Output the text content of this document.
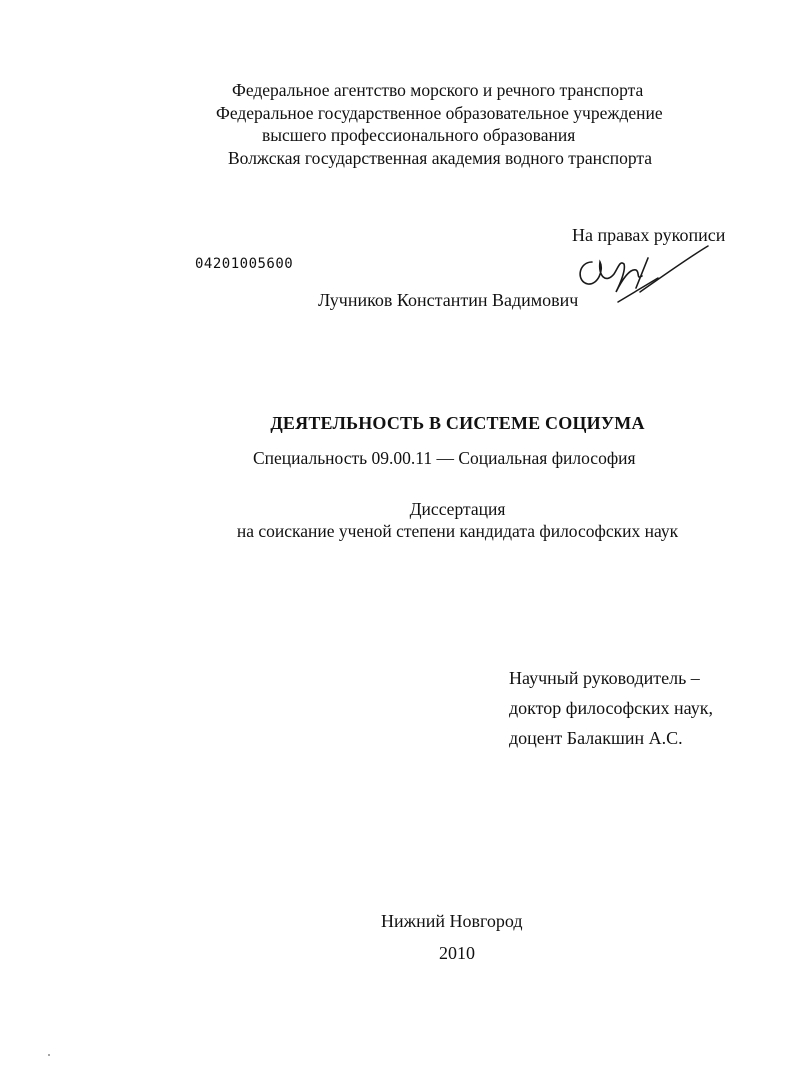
Федеральное агентство морского и речного транспорта
Федеральное государственное образовательное учреждение
высшего профессионального образования
Волжская государственная академия водного транспорта
На правах рукописи
04201005600
Лучников Константин Вадимович
ДЕЯТЕЛЬНОСТЬ В СИСТЕМЕ СОЦИУМА
Специальность 09.00.11 — Социальная философия
Диссертация
на соискание ученой степени кандидата философских наук
Научный руководитель –
доктор философских наук,
доцент Балакшин А.С.
Нижний Новгород
2010
